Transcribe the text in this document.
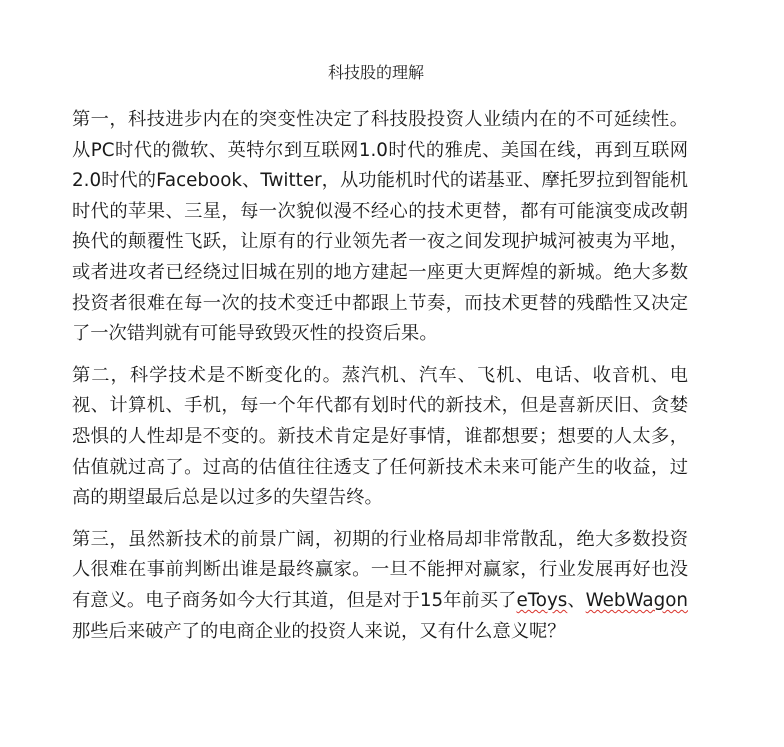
科技股的理解

第一，科技进步内在的突变性决定了科技股投资人业绩内在的不可延续性。从PC时代的微软、英特尔到互联网1.0时代的雅虎、美国在线，再到互联网2.0时代的Facebook、Twitter，从功能机时代的诺基亚、摩托罗拉到智能机时代的苹果、三星，每一次貌似漫不经心的技术更替，都有可能演变成改朝换代的颠覆性飞跃，让原有的行业领先者一夜之间发现护城河被夷为平地，或者进攻者已经绕过旧城在别的地方建起一座更大更辉煌的新城。绝大多数投资者很难在每一次的技术变迁中都跟上节奏，而技术更替的残酷性又决定了一次错判就有可能导致毁灭性的投资后果。

第二，科学技术是不断变化的。蒸汽机、汽车、飞机、电话、收音机、电视、计算机、手机，每一个年代都有划时代的新技术，但是喜新厌旧、贪婪恐惧的人性却是不变的。新技术肯定是好事情，谁都想要；想要的人太多，估值就过高了。过高的估值往往透支了任何新技术未来可能产生的收益，过高的期望最后总是以过多的失望告终。

第三，虽然新技术的前景广阔，初期的行业格局却非常散乱，绝大多数投资人很难在事前判断出谁是最终赢家。一旦不能押对赢家，行业发展再好也没有意义。电子商务如今大行其道，但是对于15年前买了eToys、WebWagon那些后来破产了的电商企业的投资人来说，又有什么意义呢？
